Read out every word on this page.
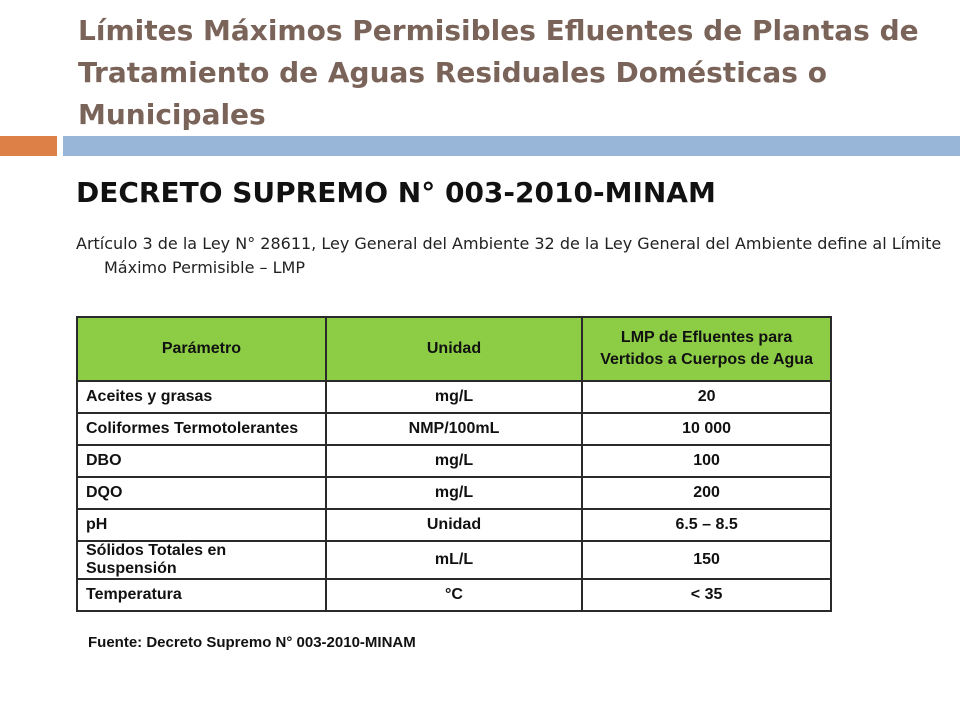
Límites Máximos Permisibles Efluentes de Plantas de Tratamiento de Aguas Residuales Domésticas o Municipales
DECRETO SUPREMO N° 003-2010-MINAM

Artículo 3 de la Ley N° 28611, Ley General del Ambiente 32 de la Ley General del Ambiente define al Límite Máximo Permisible – LMP

Parámetro	Unidad	LMP de Efluentes para Vertidos a Cuerpos de Agua
Aceites y grasas	mg/L	20
Coliformes Termotolerantes	NMP/100mL	10 000
DBO	mg/L	100
DQO	mg/L	200
pH	Unidad	6.5 – 8.5
Sólidos Totales en Suspensión	mL/L	150
Temperatura	°C	< 35

Fuente: Decreto Supremo N° 003-2010-MINAM
